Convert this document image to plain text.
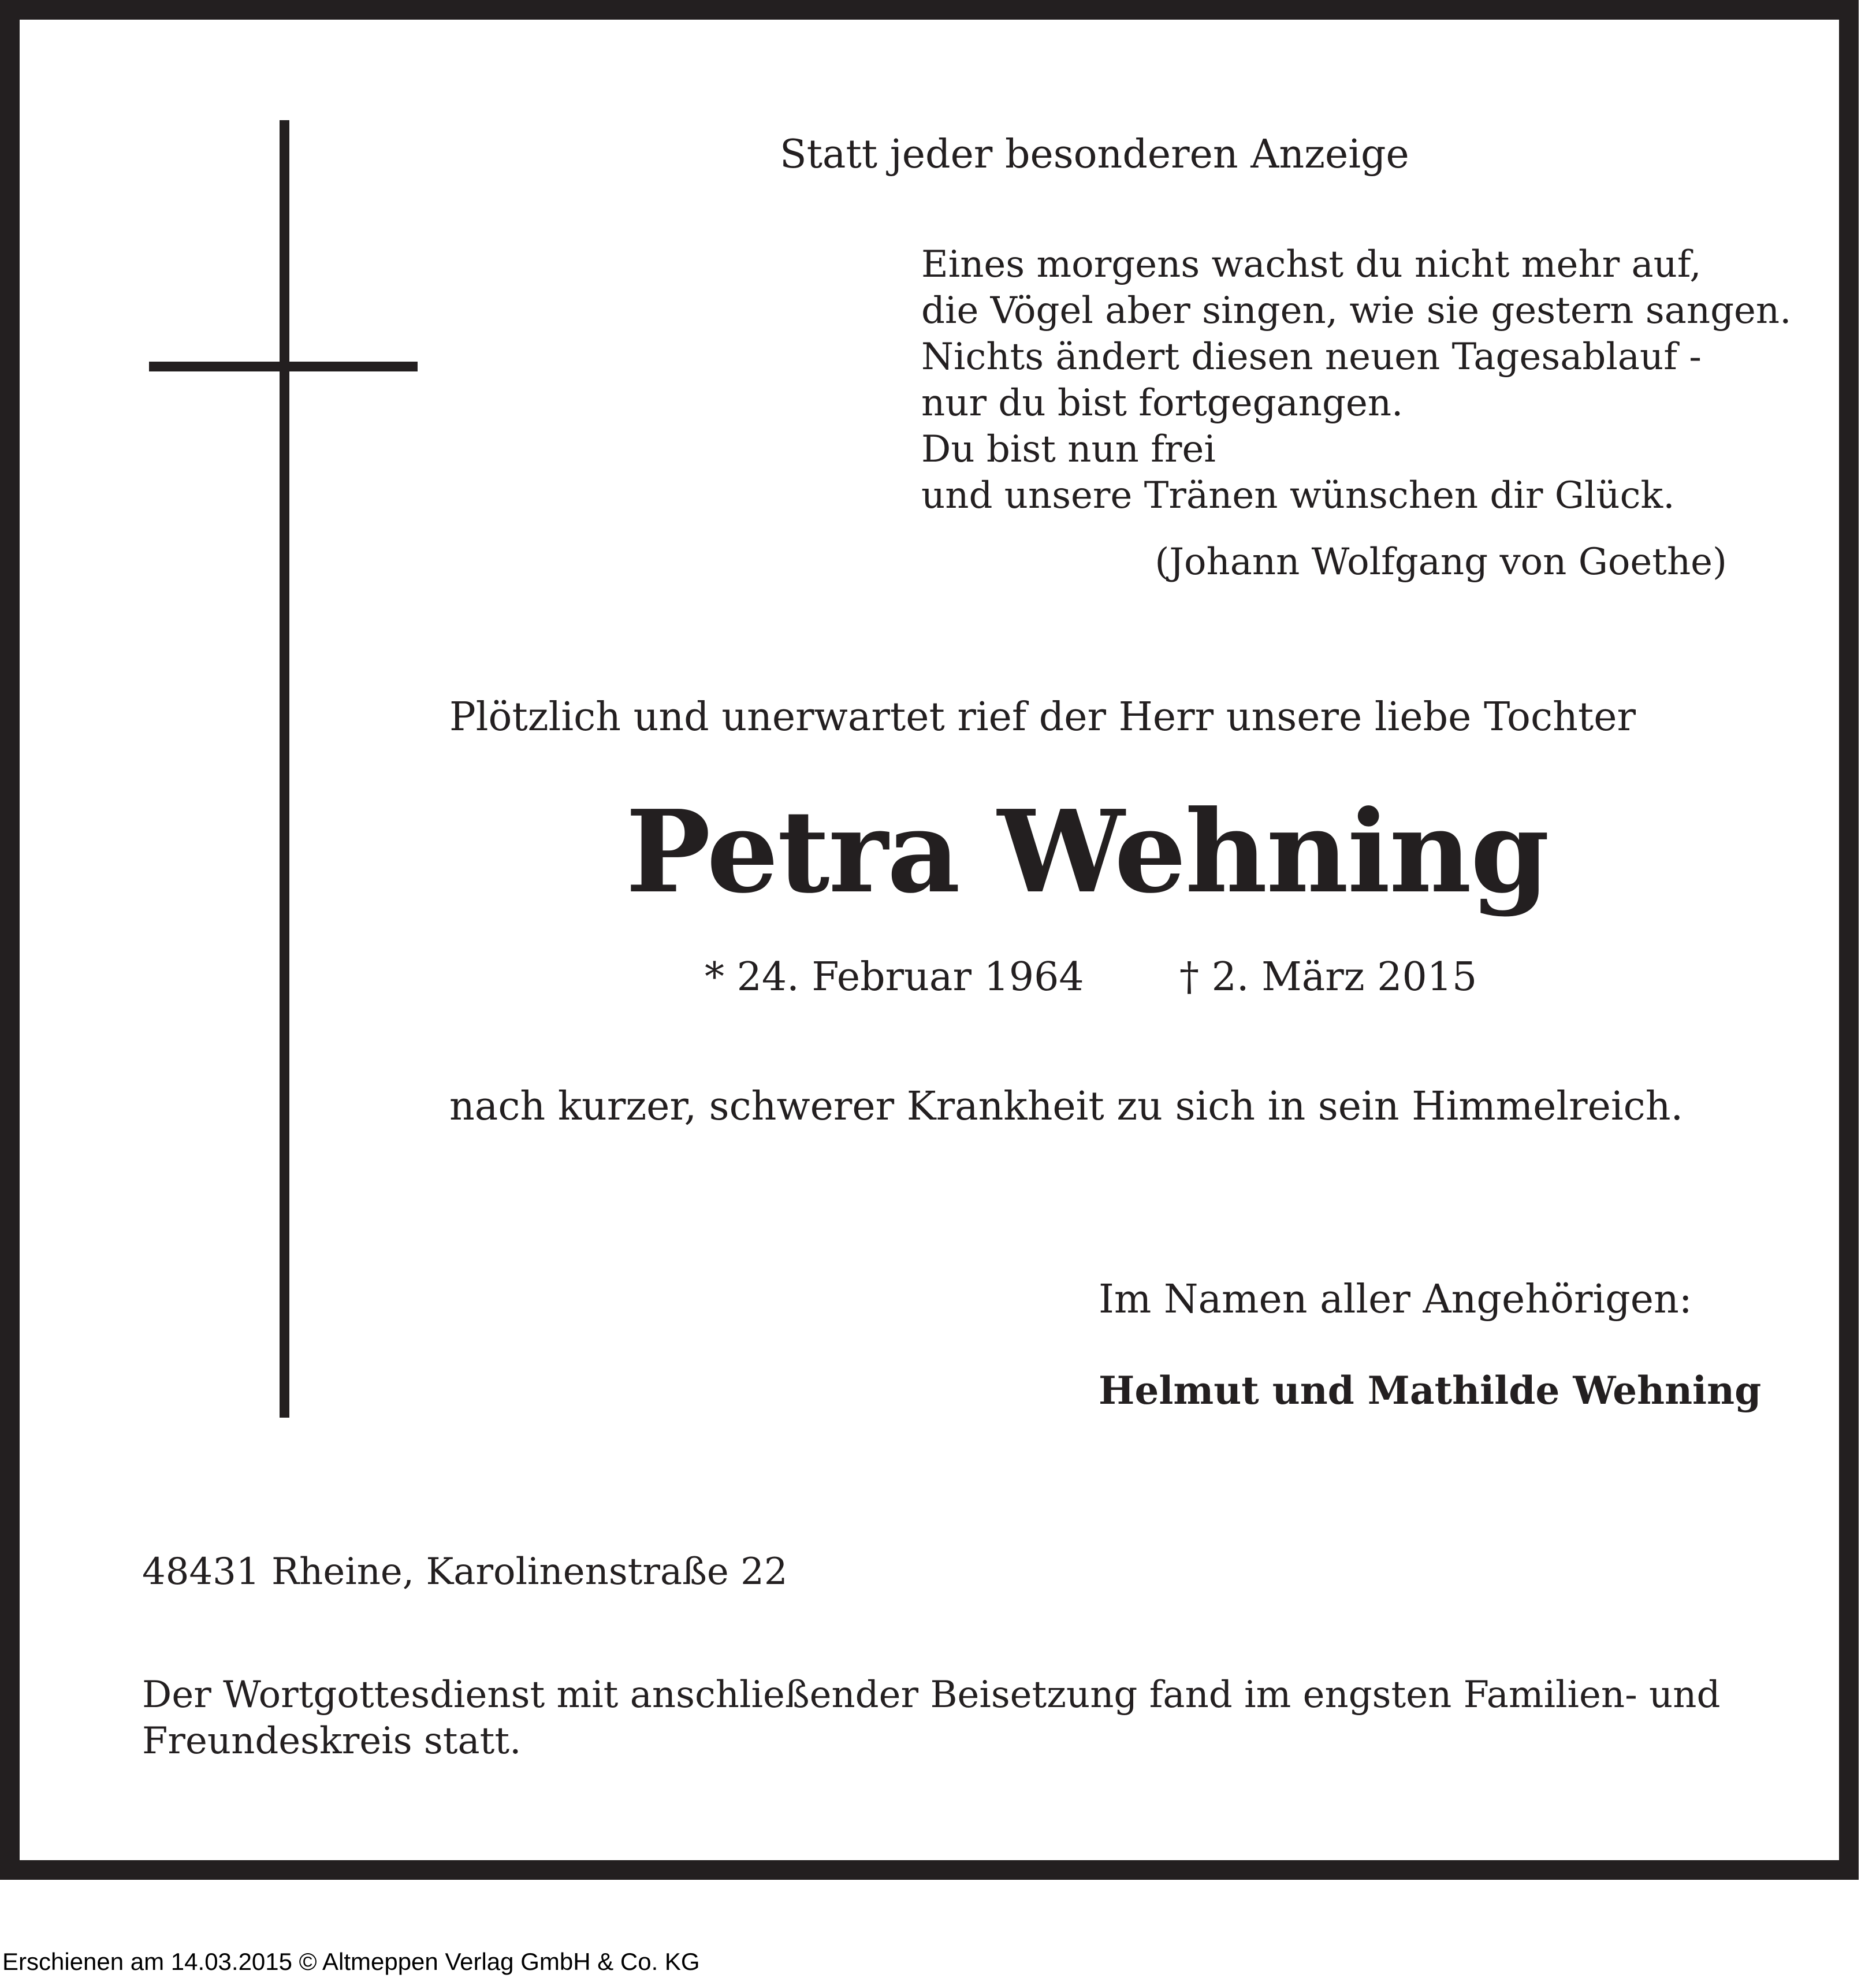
Statt jeder besonderen Anzeige

Eines morgens wachst du nicht mehr auf,
die Vögel aber singen, wie sie gestern sangen.
Nichts ändert diesen neuen Tagesablauf -
nur du bist fortgegangen.
Du bist nun frei
und unsere Tränen wünschen dir Glück.

(Johann Wolfgang von Goethe)

Plötzlich und unerwartet rief der Herr unsere liebe Tochter

Petra Wehning

* 24. Februar 1964 † 2. März 2015

nach kurzer, schwerer Krankheit zu sich in sein Himmelreich.

Im Namen aller Angehörigen:

Helmut und Mathilde Wehning

48431 Rheine, Karolinenstraße 22

Der Wortgottesdienst mit anschließender Beisetzung fand im engsten Familien- und
Freundeskreis statt.

Erschienen am 14.03.2015 © Altmeppen Verlag GmbH & Co. KG
